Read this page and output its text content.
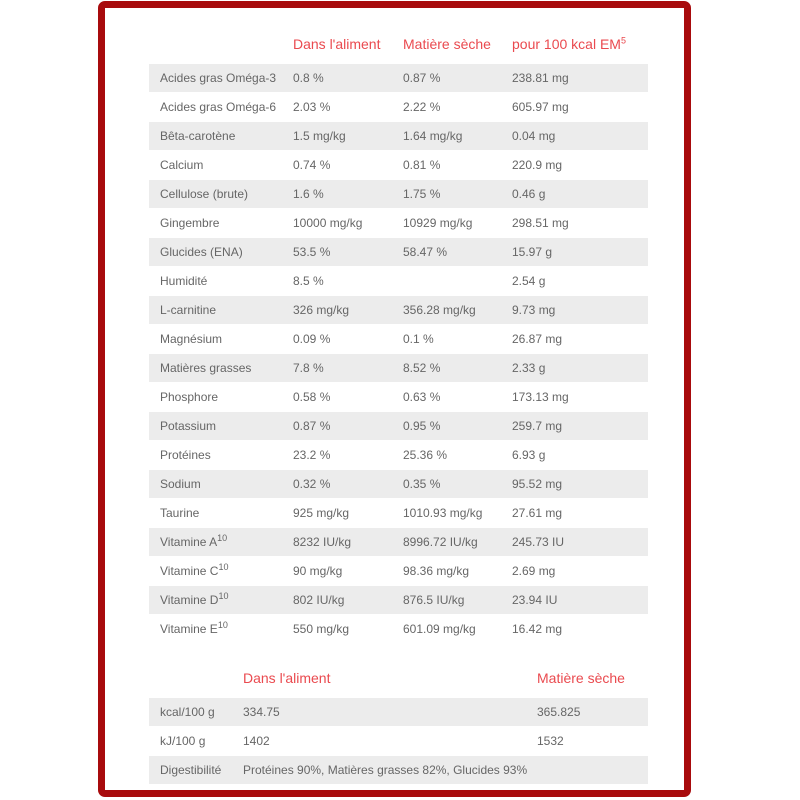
	Dans l'aliment	Matière sèche	pour 100 kcal $EM^5$
Acides gras Oméga-3	0.8 %	0.87 %	238.81 mg
Acides gras Oméga-6	2.03 %	2.22 %	605.97 mg
Bêta-carotène	1.5 mg/kg	1.64 mg/kg	0.04 mg
Calcium	0.74 %	0.81 %	220.9 mg
Cellulose (brute)	1.6 %	1.75 %	0.46 g
Gingembre	10000 mg/kg	10929 mg/kg	298.51 mg
Glucides (ENA)	53.5 %	58.47 %	15.97 g
Humidité	8.5 %		2.54 g
L-carnitine	326 mg/kg	356.28 mg/kg	9.73 mg
Magnésium	0.09 %	0.1 %	26.87 mg
Matières grasses	7.8 %	8.52 %	2.33 g
Phosphore	0.58 %	0.63 %	173.13 mg
Potassium	0.87 %	0.95 %	259.7 mg
Protéines	23.2 %	25.36 %	6.93 g
Sodium	0.32 %	0.35 %	95.52 mg
Taurine	925 mg/kg	1010.93 mg/kg	27.61 mg
Vitamine $A^{10}$	8232 IU/kg	8996.72 IU/kg	245.73 IU
Vitamine $C^{10}$	90 mg/kg	98.36 mg/kg	2.69 mg
Vitamine $D^{10}$	802 IU/kg	876.5 IU/kg	23.94 IU
Vitamine $E^{10}$	550 mg/kg	601.09 mg/kg	16.42 mg
	Dans l'aliment	Matière sèche
kcal/100 g	334.75	365.825
kJ/100 g	1402	1532
Digestibilité	Protéines 90%, Matières grasses 82%, Glucides 93%	
